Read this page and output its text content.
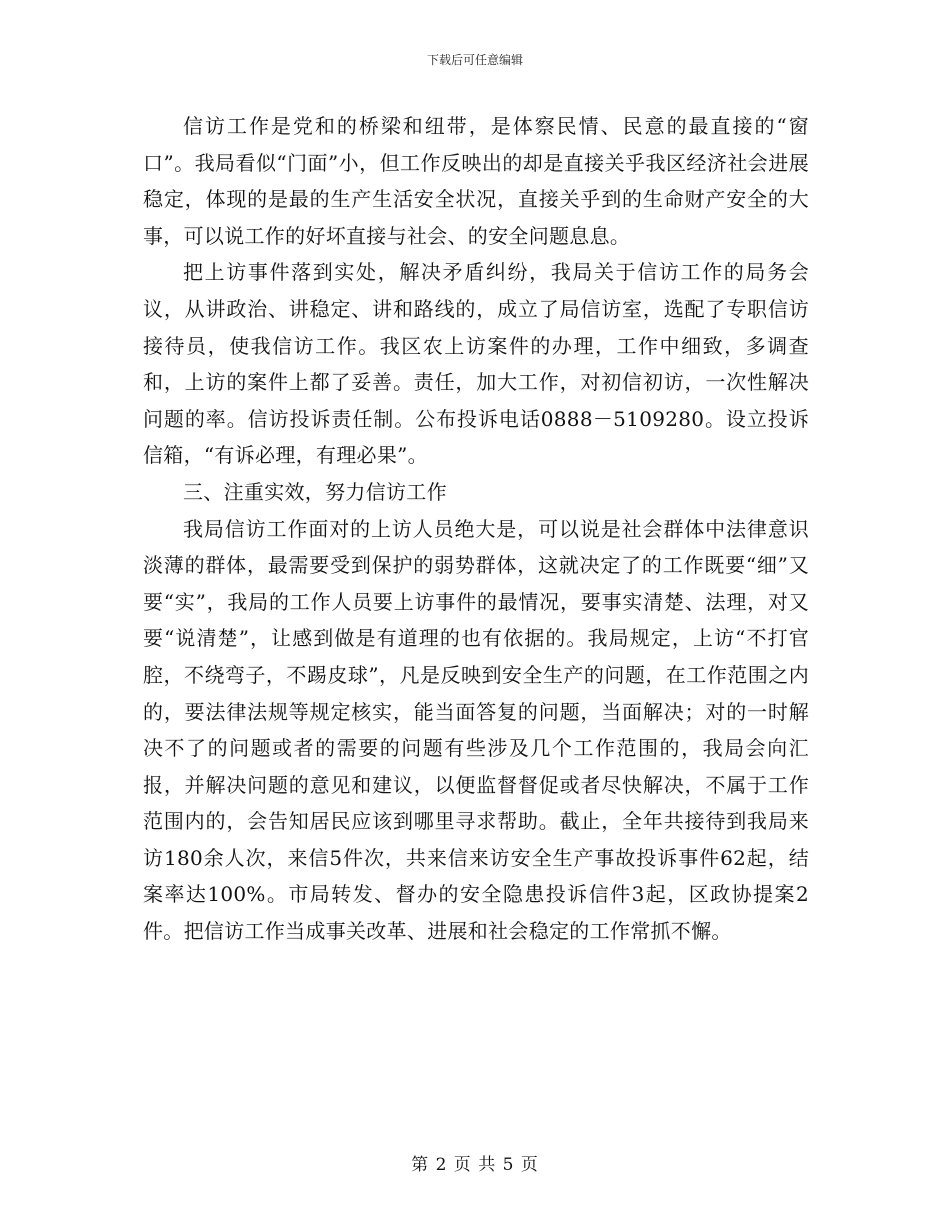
下载后可任意编辑

信访工作是党和的桥梁和纽带，是体察民情、民意的最直接的“窗口”。我局看似“门面”小，但工作反映出的却是直接关乎我区经济社会进展稳定，体现的是最的生产生活安全状况，直接关乎到的生命财产安全的大事，可以说工作的好坏直接与社会、的安全问题息息。

把上访事件落到实处，解决矛盾纠纷，我局关于信访工作的局务会议，从讲政治、讲稳定、讲和路线的，成立了局信访室，选配了专职信访接待员，使我信访工作。我区农上访案件的办理，工作中细致，多调查和，上访的案件上都了妥善。责任，加大工作，对初信初访，一次性解决问题的率。信访投诉责任制。公布投诉电话0888－5109280。设立投诉信箱，“有诉必理，有理必果”。

三、注重实效，努力信访工作

我局信访工作面对的上访人员绝大是，可以说是社会群体中法律意识淡薄的群体，最需要受到保护的弱势群体，这就决定了的工作既要“细”又要“实”，我局的工作人员要上访事件的最情况，要事实清楚、法理，对又要“说清楚”，让感到做是有道理的也有依据的。我局规定，上访“不打官腔，不绕弯子，不踢皮球”，凡是反映到安全生产的问题，在工作范围之内的，要法律法规等规定核实，能当面答复的问题，当面解决；对的一时解决不了的问题或者的需要的问题有些涉及几个工作范围的，我局会向汇报，并解决问题的意见和建议，以便监督督促或者尽快解决，不属于工作范围内的，会告知居民应该到哪里寻求帮助。截止，全年共接待到我局来访180余人次，来信5件次，共来信来访安全生产事故投诉事件62起，结案率达100%。市局转发、督办的安全隐患投诉信件3起，区政协提案2 件。把信访工作当成事关改革、进展和社会稳定的工作常抓不懈。

第 2 页 共 5 页
